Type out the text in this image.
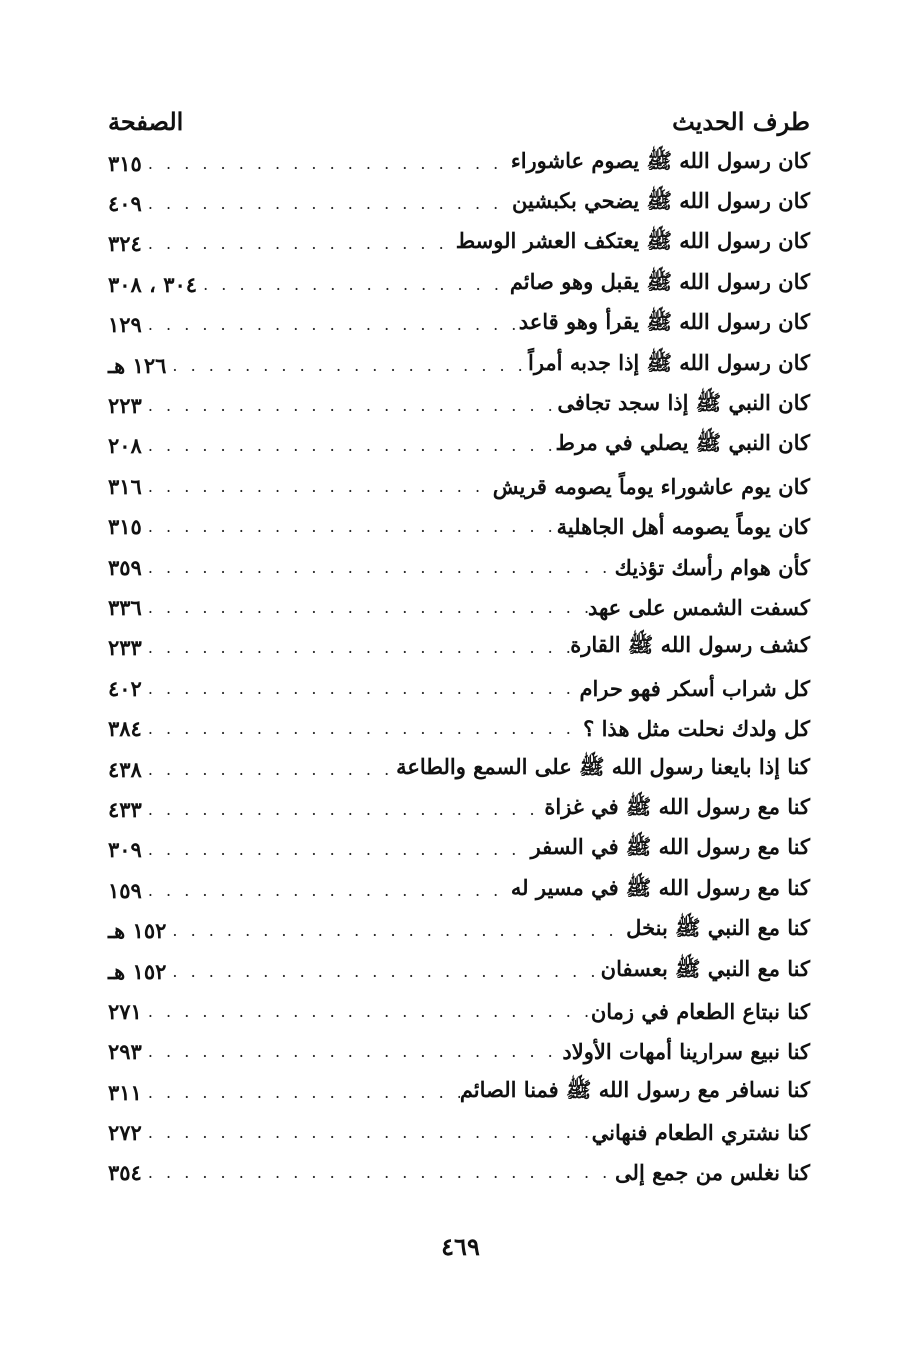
طرف الحديث
الصفحة
كان رسول الله ﷺ يصوم عاشوراء
. . .
٣١٥
كان رسول الله ﷺ يضحي بكبشين
. . .
٤٠٩
كان رسول الله ﷺ يعتكف العشر الوسط
. . .
٣٢٤
كان رسول الله ﷺ يقبل وهو صائم
. . .
٣٠٤ ، ٣٠٨
كان رسول الله ﷺ يقرأ وهو قاعد
. . .
١٢٩
كان رسول الله ﷺ إذا جدبه أمراً
. . .
١٢٦ هـ
كان النبي ﷺ إذا سجد تجافى
. . .
٢٢٣
كان النبي ﷺ يصلي في مرط
. . .
٢٠٨
كان يوم عاشوراء يوماً يصومه قريش
. . .
٣١٦
كان يوماً يصومه أهل الجاهلية
. . .
٣١٥
كأن هوام رأسك تؤذيك
. . .
٣٥٩
كسفت الشمس على عهد
. . .
٣٣٦
كشف رسول الله ﷺ القارة
. . .
٢٣٣
كل شراب أسكر فهو حرام
. . .
٤٠٢
كل ولدك نحلت مثل هذا ؟
. . .
٣٨٤
كنا إذا بايعنا رسول الله ﷺ على السمع والطاعة
. . .
٤٣٨
كنا مع رسول الله ﷺ في غزاة
. . .
٤٣٣
كنا مع رسول الله ﷺ في السفر
. . .
٣٠٩
كنا مع رسول الله ﷺ في مسير له
. . .
١٥٩
كنا مع النبي ﷺ بنخل
. . .
١٥٢ هـ
كنا مع النبي ﷺ بعسفان
. . .
١٥٢ هـ
كنا نبتاع الطعام في زمان
. . .
٢٧١
كنا نبيع سرارينا أمهات الأولاد
. . .
٢٩٣
كنا نسافر مع رسول الله ﷺ فمنا الصائم
. . .
٣١١
كنا نشتري الطعام فنهاني
. . .
٢٧٢
كنا نغلس من جمع إلى
. . .
٣٥٤
٤٦٩
